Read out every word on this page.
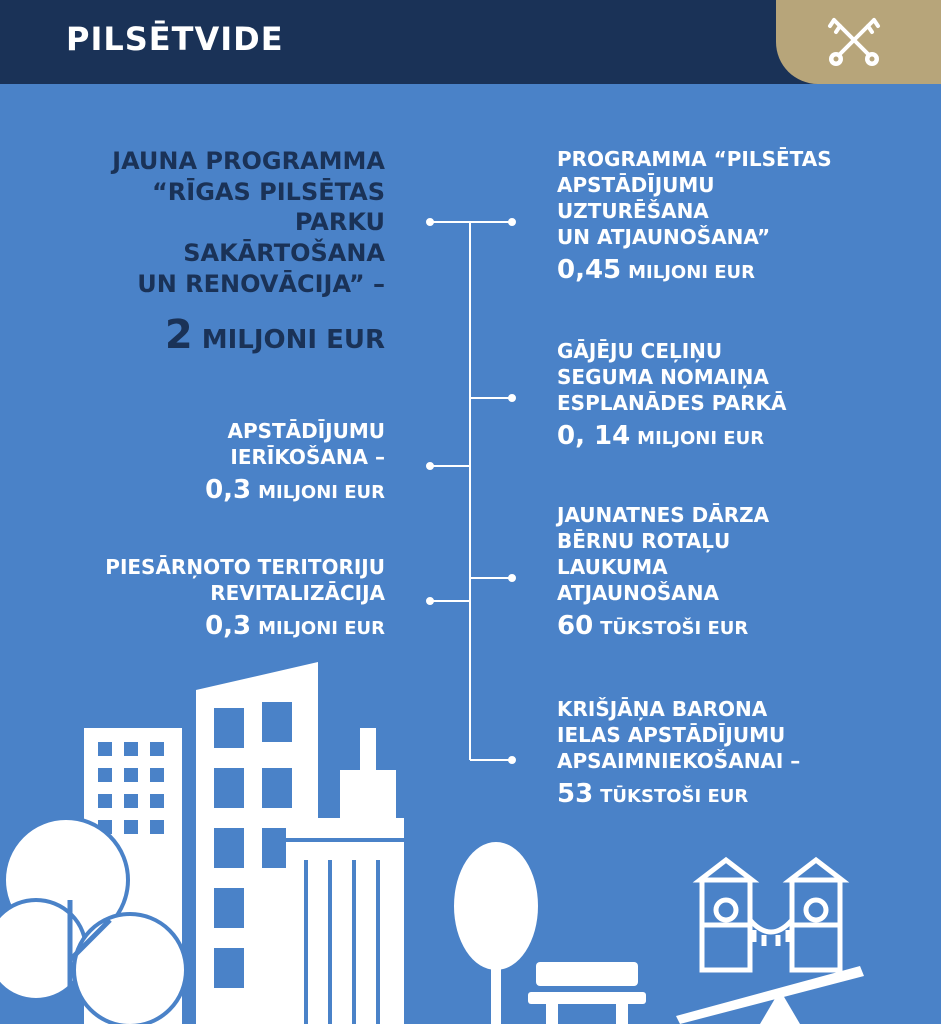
PILSĒTVIDE
JAUNA PROGRAMMA
“RĪGAS PILSĒTAS
PARKU
SAKĀRTOŠANA
UN RENOVĀCIJA” –
2 MILJONI EUR
APSTĀDĪJUMU
IERĪKOŠANA –
0,3 MILJONI EUR
PIESĀRŅOTO TERITORIJU
REVITALIZĀCIJA
0,3 MILJONI EUR
PROGRAMMA “PILSĒTAS
APSTĀDĪJUMU
UZTURĒŠANA
UN ATJAUNOŠANA”
0,45 MILJONI EUR
GĀJĒJU CEĻIŅU
SEGUMA NOMAIŅA
ESPLANĀDES PARKĀ
0, 14 MILJONI EUR
JAUNATNES DĀRZA
BĒRNU ROTAĻU
LAUKUMA
ATJAUNOŠANA
60 TŪKSTOŠI EUR
KRIŠJĀŅA BARONA
IELAS APSTĀDĪJUMU
APSAIMNIEKOŠANAI –
53 TŪKSTOŠI EUR
